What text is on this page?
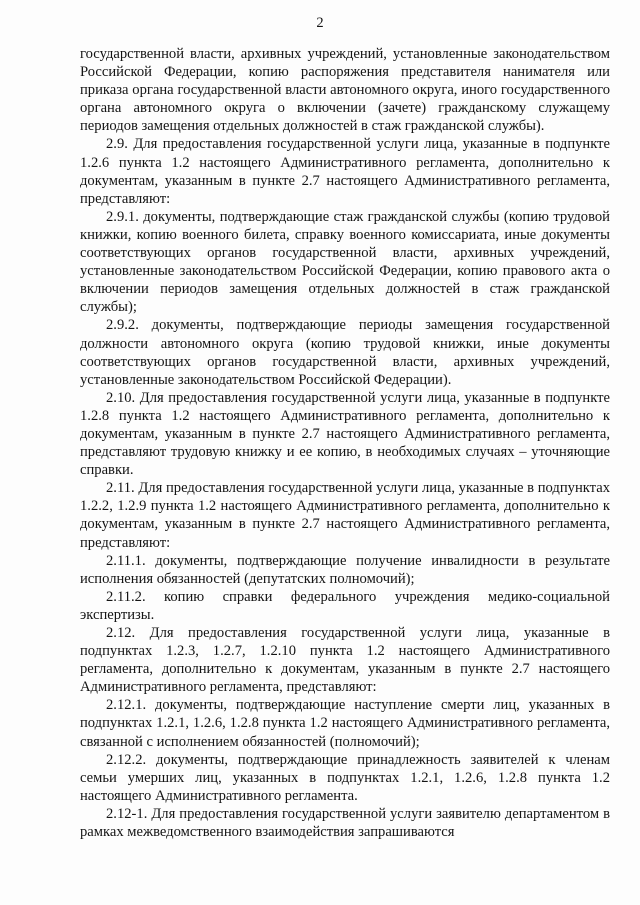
2

государственной власти, архивных учреждений, установленные законодательством Российской Федерации, копию распоряжения представителя нанимателя или приказа органа государственной власти автономного округа, иного государственного органа автономного округа о включении (зачете) гражданскому служащему периодов замещения отдельных должностей в стаж гражданской службы).

2.9. Для предоставления государственной услуги лица, указанные в подпункте 1.2.6 пункта 1.2 настоящего Административного регламента, дополнительно к документам, указанным в пункте 2.7 настоящего Административного регламента, представляют:

2.9.1. документы, подтверждающие стаж гражданской службы (копию трудовой книжки, копию военного билета, справку военного комиссариата, иные документы соответствующих органов государственной власти, архивных учреждений, установленные законодательством Российской Федерации, копию правового акта о включении периодов замещения отдельных должностей в стаж гражданской службы);

2.9.2. документы, подтверждающие периоды замещения государственной должности автономного округа (копию трудовой книжки, иные документы соответствующих органов государственной власти, архивных учреждений, установленные законодательством Российской Федерации).

2.10. Для предоставления государственной услуги лица, указанные в подпункте 1.2.8 пункта 1.2 настоящего Административного регламента, дополнительно к документам, указанным в пункте 2.7 настоящего Административного регламента, представляют трудовую книжку и ее копию, в необходимых случаях – уточняющие справки.

2.11. Для предоставления государственной услуги лица, указанные в подпунктах 1.2.2, 1.2.9 пункта 1.2 настоящего Административного регламента, дополнительно к документам, указанным в пункте 2.7 настоящего Административного регламента, представляют:

2.11.1. документы, подтверждающие получение инвалидности в результате исполнения обязанностей (депутатских полномочий);

2.11.2. копию справки федерального учреждения медико-социальной экспертизы.

2.12. Для предоставления государственной услуги лица, указанные в подпунктах 1.2.3, 1.2.7, 1.2.10 пункта 1.2 настоящего Административного регламента, дополнительно к документам, указанным в пункте 2.7 настоящего Административного регламента, представляют:

2.12.1. документы, подтверждающие наступление смерти лиц, указанных в подпунктах 1.2.1, 1.2.6, 1.2.8 пункта 1.2 настоящего Административного регламента, связанной с исполнением обязанностей (полномочий);

2.12.2. документы, подтверждающие принадлежность заявителей к членам семьи умерших лиц, указанных в подпунктах 1.2.1, 1.2.6, 1.2.8 пункта 1.2 настоящего Административного регламента.

2.12-1. Для предоставления государственной услуги заявителю департаментом в рамках межведомственного взаимодействия запрашиваются
